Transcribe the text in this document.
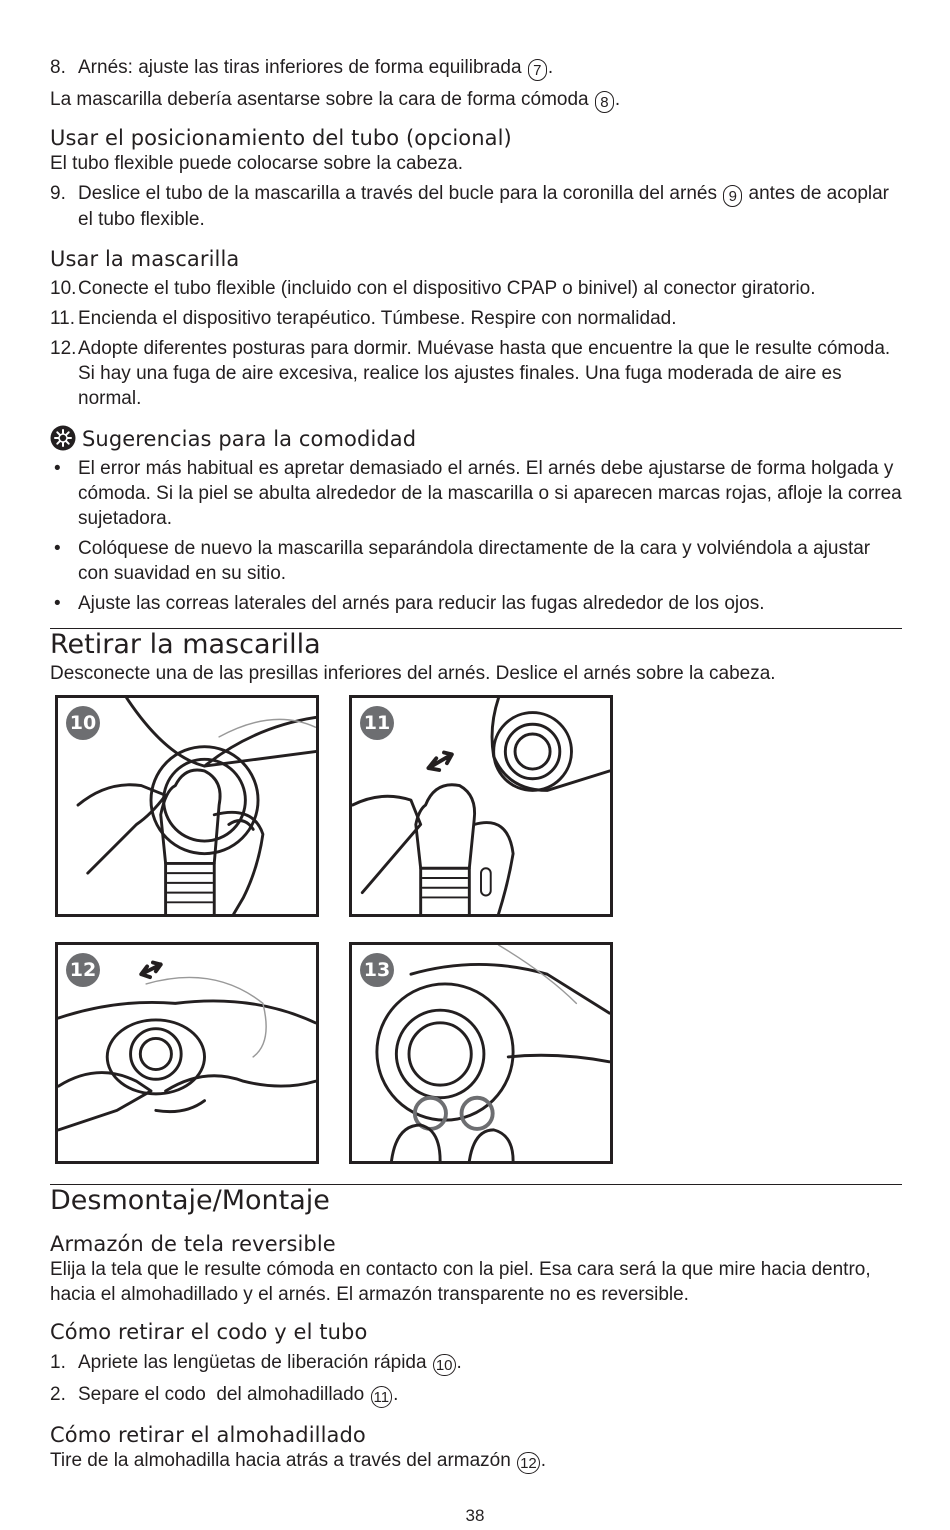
8. Arnés: ajuste las tiras inferiores de forma equilibrada 7 .

La mascarilla debería asentarse sobre la cara de forma cómoda 8 .

Usar el posicionamiento del tubo (opcional)

El tubo flexible puede colocarse sobre la cabeza.

9. Deslice el tubo de la mascarilla a través del bucle para la coronilla del arnés 9 antes de acoplar el tubo flexible.
Usar la mascarilla
10. Conecte el tubo flexible (incluido con el dispositivo CPAP o binivel) al conector giratorio.
11. Encienda el dispositivo terapéutico. Túmbese. Respire con normalidad.
12. Adopte diferentes posturas para dormir. Muévase hasta que encuentre la que le resulte cómoda. Si hay una fuga de aire excesiva, realice los ajustes finales. Una fuga moderada de aire es normal.
Sugerencias para la comodidad
• El error más habitual es apretar demasiado el arnés. El arnés debe ajustarse de forma holgada y cómoda. Si la piel se abulta alrededor de la mascarilla o si aparecen marcas rojas, afloje la correa sujetadora.
• Colóquese de nuevo la mascarilla separándola directamente de la cara y volviéndola a ajustar con suavidad en su sitio.
• Ajuste las correas laterales del arnés para reducir las fugas alrededor de los ojos.
Retirar la mascarilla

Desconecte una de las presillas inferiores del arnés. Deslice el arnés sobre la cabeza.

10	11
12	13
Desmontaje/Montaje
Armazón de tela reversible

Elija la tela que le resulte cómoda en contacto con la piel. Esa cara será la que mire hacia dentro, hacia el almohadillado y el arnés. El armazón transparente no es reversible.

Cómo retirar el codo y el tubo
1. Apriete las lengüetas de liberación rápida 10 .
2. Separe el codo  del almohadillado 11 .
Cómo retirar el almohadillado

Tire de la almohadilla hacia atrás a través del armazón 12 .

38
